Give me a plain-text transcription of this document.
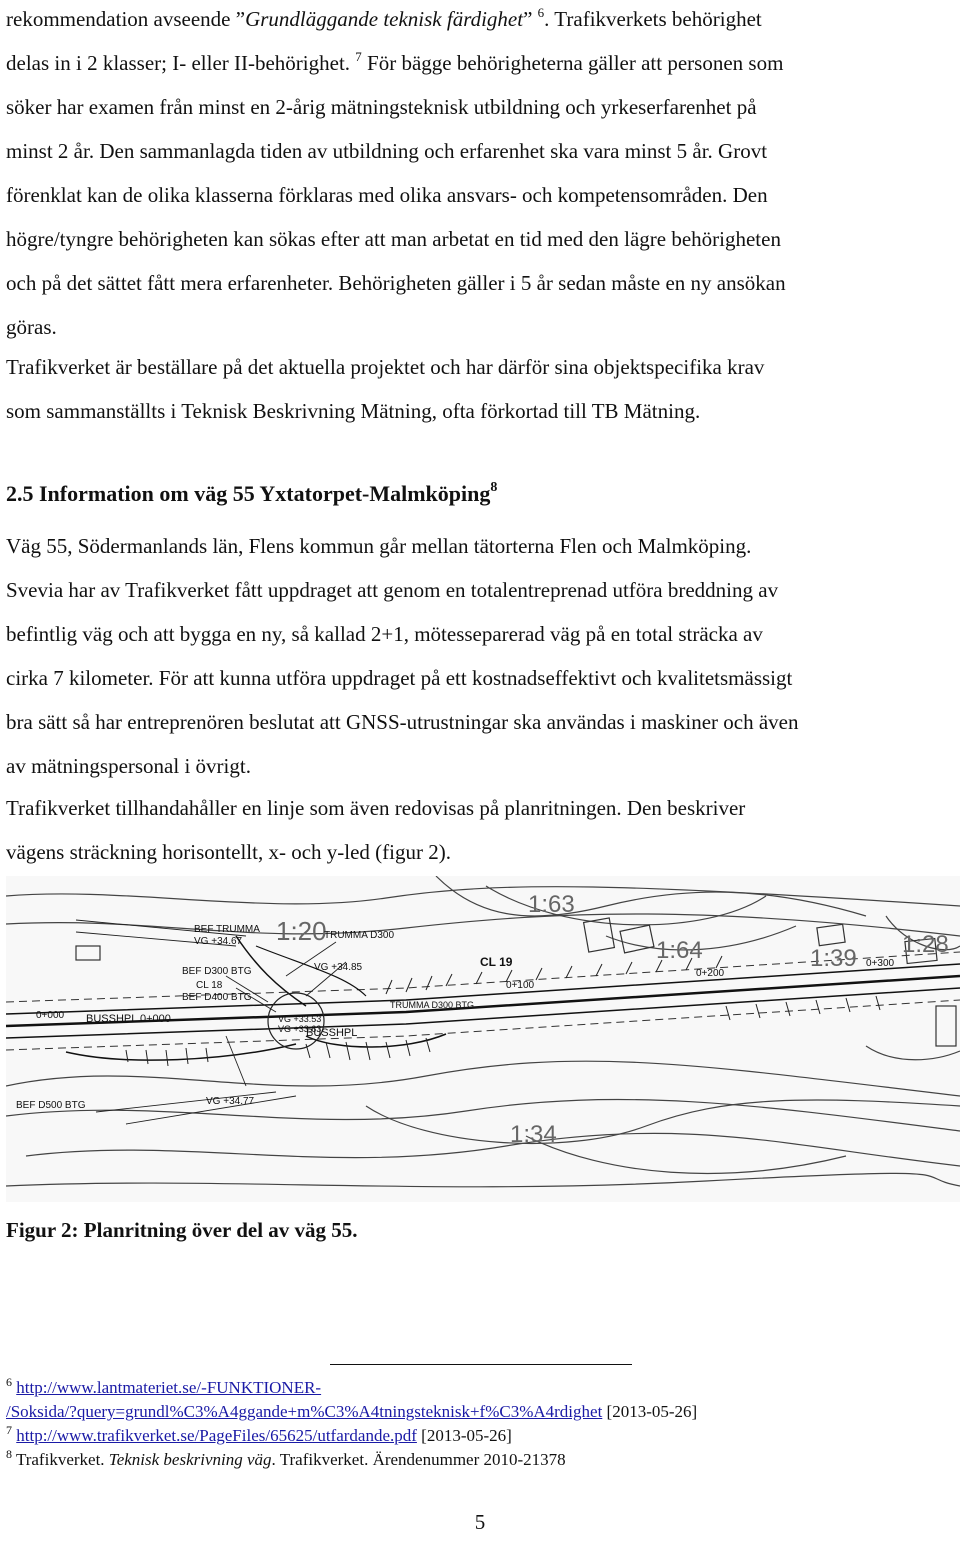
rekommendation avseende ”Grundläggande teknisk färdighet” $^6$. Trafikverkets behörighet
delas in i 2 klasser; I- eller II-behörighet. $^7$ För bägge behörigheterna gäller att personen som
söker har examen från minst en 2-årig mätningsteknisk utbildning och yrkeserfarenhet på
minst 2 år. Den sammanlagda tiden av utbildning och erfarenhet ska vara minst 5 år. Grovt
förenklat kan de olika klasserna förklaras med olika ansvars- och kompetensområden. Den
högre/tyngre behörigheten kan sökas efter att man arbetat en tid med den lägre behörigheten
och på det sättet fått mera erfarenheter. Behörigheten gäller i 5 år sedan måste en ny ansökan
göras.
Trafikverket är beställare på det aktuella projektet och har därför sina objektspecifika krav
som sammanställts i Teknisk Beskrivning Mätning, ofta förkortad till TB Mätning.
2.5 Information om väg 55 Yxtatorpet-Malmköping$^8$
Väg 55, Södermanlands län, Flens kommun går mellan tätorterna Flen och Malmköping.
Svevia har av Trafikverket fått uppdraget att genom en totalentreprenad utföra breddning av
befintlig väg och att bygga en ny, så kallad 2+1, mötesseparerad väg på en total sträcka av
cirka 7 kilometer. För att kunna utföra uppdraget på ett kostnadseffektivt och kvalitetsmässigt
bra sätt så har entreprenören beslutat att GNSS-utrustningar ska användas i maskiner och även
av mätningspersonal i övrigt.
Trafikverket tillhandahåller en linje som även redovisas på planritningen. Den beskriver
vägens sträckning horisontellt, x- och y-led (figur 2).
1:20
1:63
1:64	1:28
1:39
1:34
BEF TRUMMA
VG +34.67
TRUMMA D300
VG +34.85
BEF D300 BTG
CL 18
CL 19
BEF D400 BTG
BUSSHPL 0+000
BUSSHPL
0+000
0+100
0+200
0+300
TRUMMA D300 BTG
VG +33.53
VG +33.63
BEF D500 BTG	VG +34.77

Figur 2: Planritning över del av väg 55.

$^6$ http://www.lantmateriet.se/-FUNKTIONER-
/Soksida/?query=grundl%C3%A4ggande+m%C3%A4tningsteknisk+f%C3%A4rdighet [2013-05-26]
$^7$ http://www.trafikverket.se/PageFiles/65625/utfardande.pdf [2013-05-26]
$^8$ Trafikverket. Teknisk beskrivning väg. Trafikverket. Ärendenummer 2010-21378
5
